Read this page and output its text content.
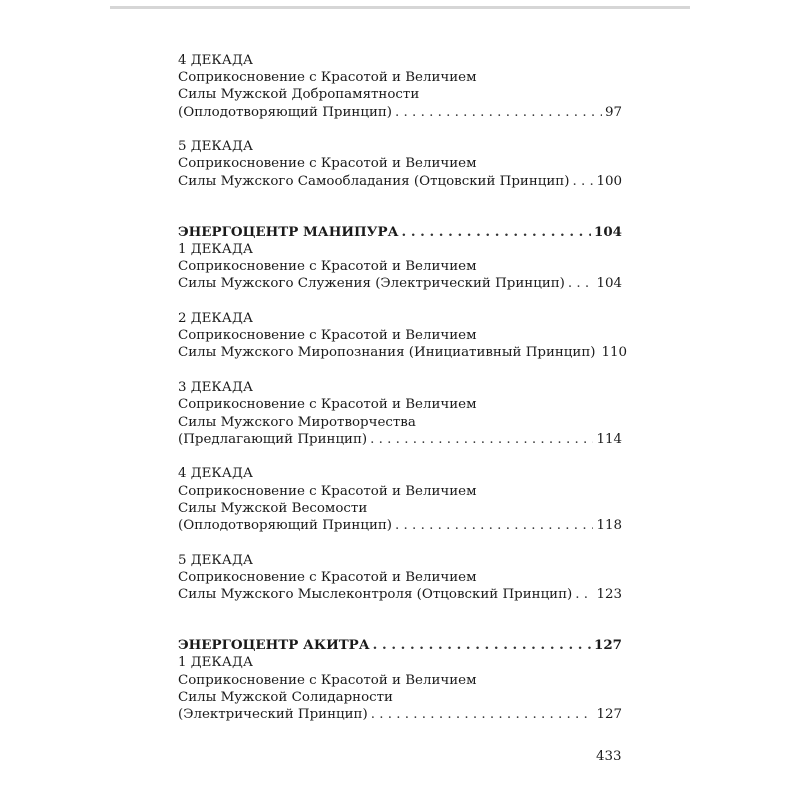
4 ДЕКАДА
Соприкосновение с Красотой и Величием
Силы Мужской Добропамятности
(Оплодотворяющий Принцип) . . .	97
5 ДЕКАДА
Соприкосновение с Красотой и Величием
Силы Мужского Самообладания (Отцовский Принцип) . . . 100
ЭНЕРГОЦЕНТР МАНИПУРА . . .	104
1 ДЕКАДА
Соприкосновение с Красотой и Величием
Силы Мужского Служения (Электрический Принцип) . . . 104
2 ДЕКАДА
Соприкосновение с Красотой и Величием
Силы Мужского Миропознания (Инициативный Принцип) 110
3 ДЕКАДА
Соприкосновение с Красотой и Величием
Силы Мужского Миротворчества
(Предлагающий Принцип) . . .	114
4 ДЕКАДА
Соприкосновение с Красотой и Величием
Силы Мужской Весомости
(Оплодотворяющий Принцип) . . .	118
5 ДЕКАДА
Соприкосновение с Красотой и Величием
Силы Мужского Мыслеконтроля (Отцовский Принцип) . . . 123
ЭНЕРГОЦЕНТР АКИТРА . . .	127
1 ДЕКАДА
Соприкосновение с Красотой и Величием
Силы Мужской Солидарности
(Электрический Принцип) . . .	127
433
